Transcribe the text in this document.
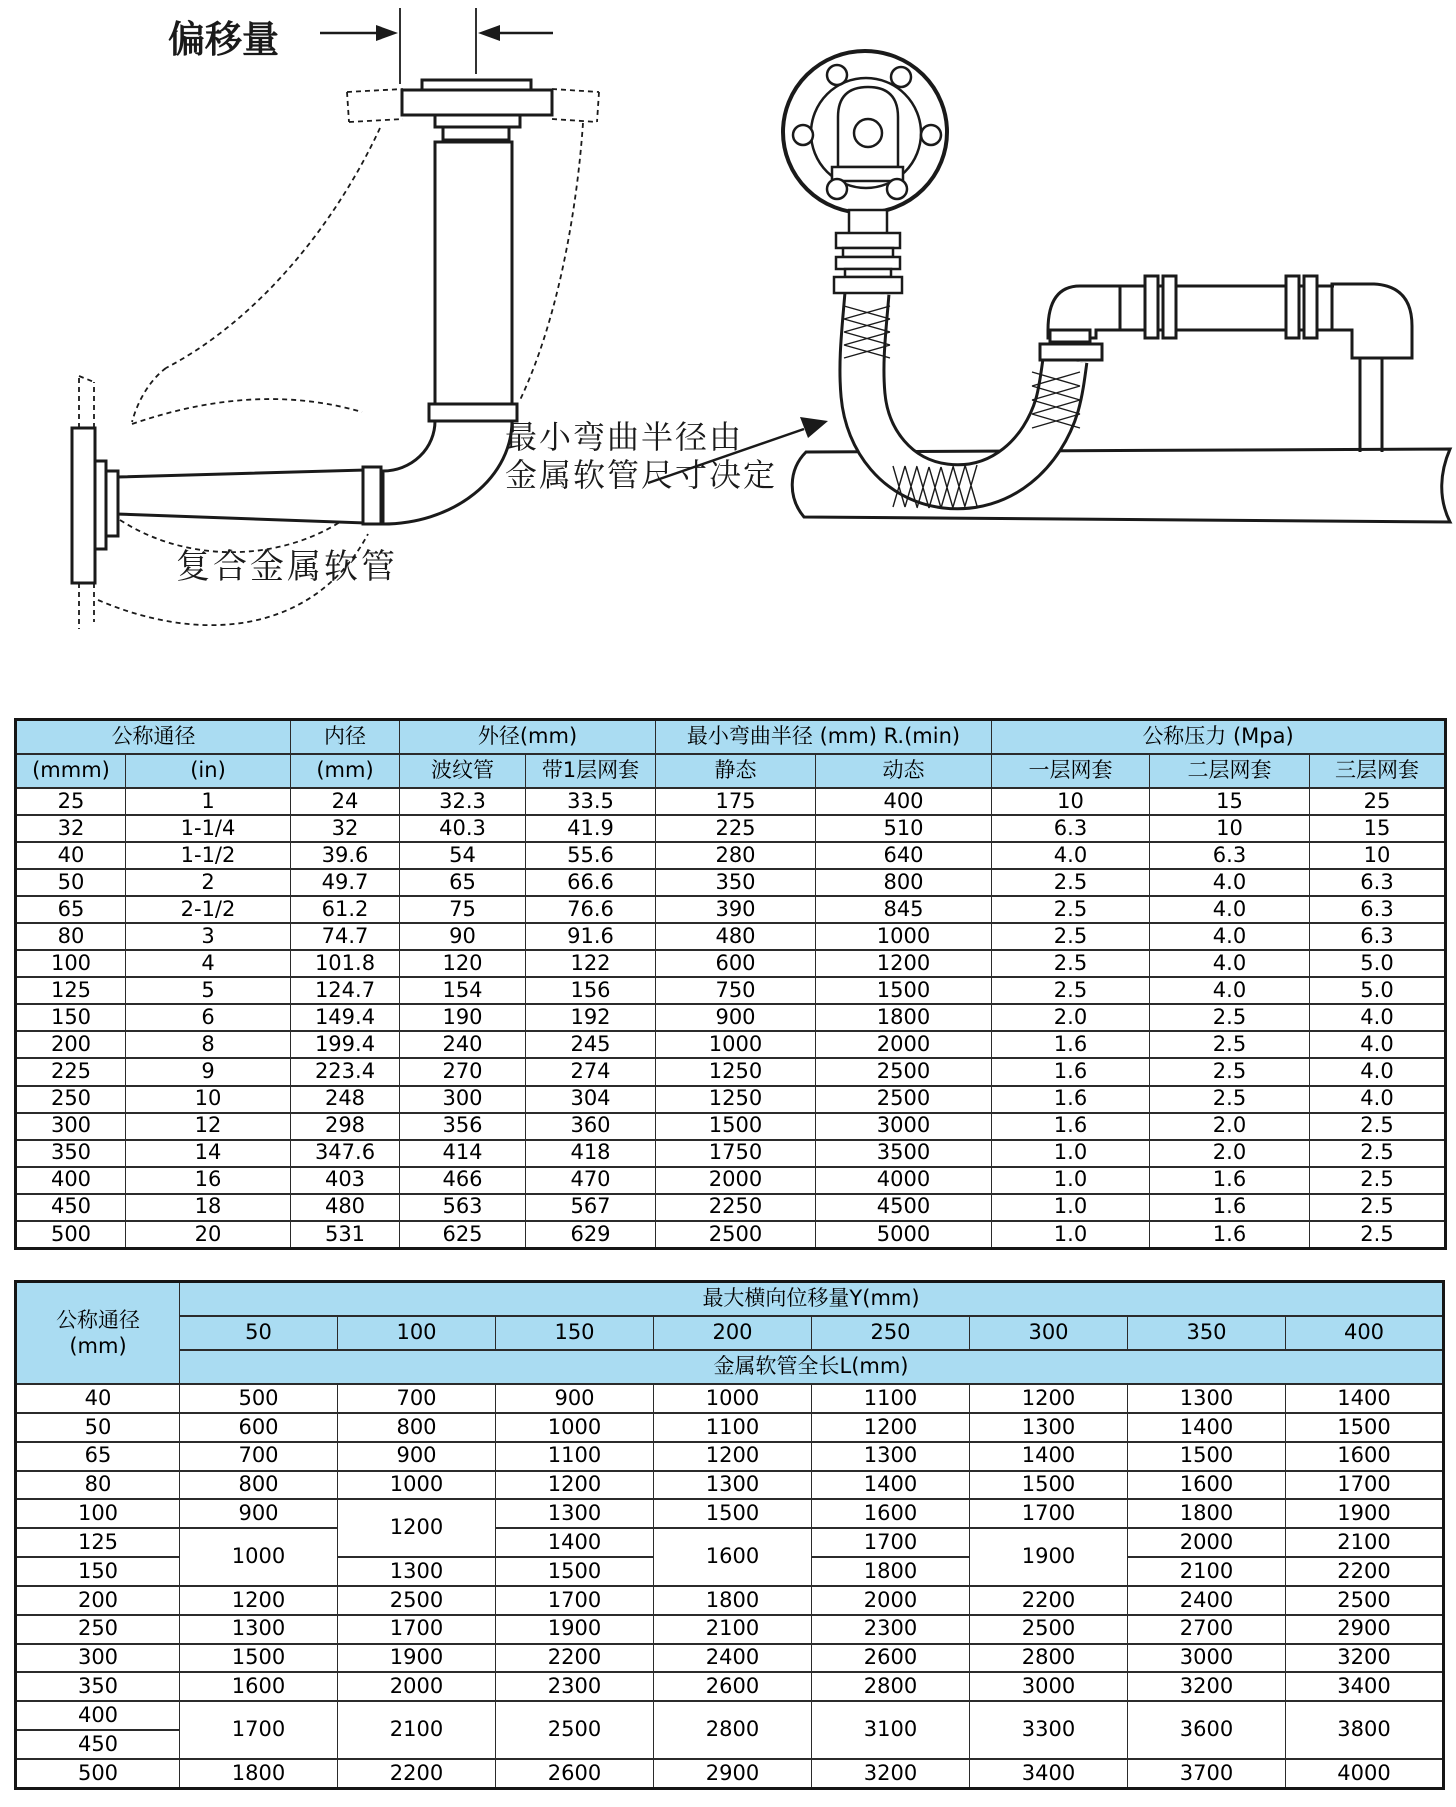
偏移量
复合金属软管
最小弯曲半径由
金属软管尺寸决定
公称通径		内径	外径(mm)		最小弯曲半径 (mm) R.(min)		公称压力 (Mpa)		
(mmm)	(in)	(mm)	波纹管	带1层网套	静态	动态	一层网套	二层网套	三层网套
25	1	24	32.3	33.5	175	400	10	15	25
32	1-1/4	32	40.3	41.9	225	510	6.3	10	15
40	1-1/2	39.6	54	55.6	280	640	4.0	6.3	10
50	2	49.7	65	66.6	350	800	2.5	4.0	6.3
65	2-1/2	61.2	75	76.6	390	845	2.5	4.0	6.3
80	3	74.7	90	91.6	480	1000	2.5	4.0	6.3
100	4	101.8	120	122	600	1200	2.5	4.0	5.0
125	5	124.7	154	156	750	1500	2.5	4.0	5.0
150	6	149.4	190	192	900	1800	2.0	2.5	4.0
200	8	199.4	240	245	1000	2000	1.6	2.5	4.0
225	9	223.4	270	274	1250	2500	1.6	2.5	4.0
250	10	248	300	304	1250	2500	1.6	2.5	4.0
300	12	298	356	360	1500	3000	1.6	2.0	2.5
350	14	347.6	414	418	1750	3500	1.0	2.0	2.5
400	16	403	466	470	2000	4000	1.0	1.6	2.5
450	18	480	563	567	2250	4500	1.0	1.6	2.5
500	20	531	625	629	2500	5000	1.0	1.6	2.5
公称通径
(mm)	最大横向位移量Y(mm)							
	50	100	150	200	250	300	350	400
	金属软管全长L(mm)							
40	500	700	900	1000	1100	1200	1300	1400
50	600	800	1000	1100	1200	1300	1400	1500
65	700	900	1100	1200	1300	1400	1500	1600
80	800	1000	1200	1300	1400	1500	1600	1700
100	900	1200	1300	1500	1600	1700	1800	1900
125	1000		1400	1600	1700	1900	2000	2100
150		1300	1500		1800		2100	2200
200	1200	2500	1700	1800	2000	2200	2400	2500
250	1300	1700	1900	2100	2300	2500	2700	2900
300	1500	1900	2200	2400	2600	2800	3000	3200
350	1600	2000	2300	2600	2800	3000	3200	3400
400	1700	2100	2500	2800	3100	3300	3600	3800
450								
500	1800	2200	2600	2900	3200	3400	3700	4000
